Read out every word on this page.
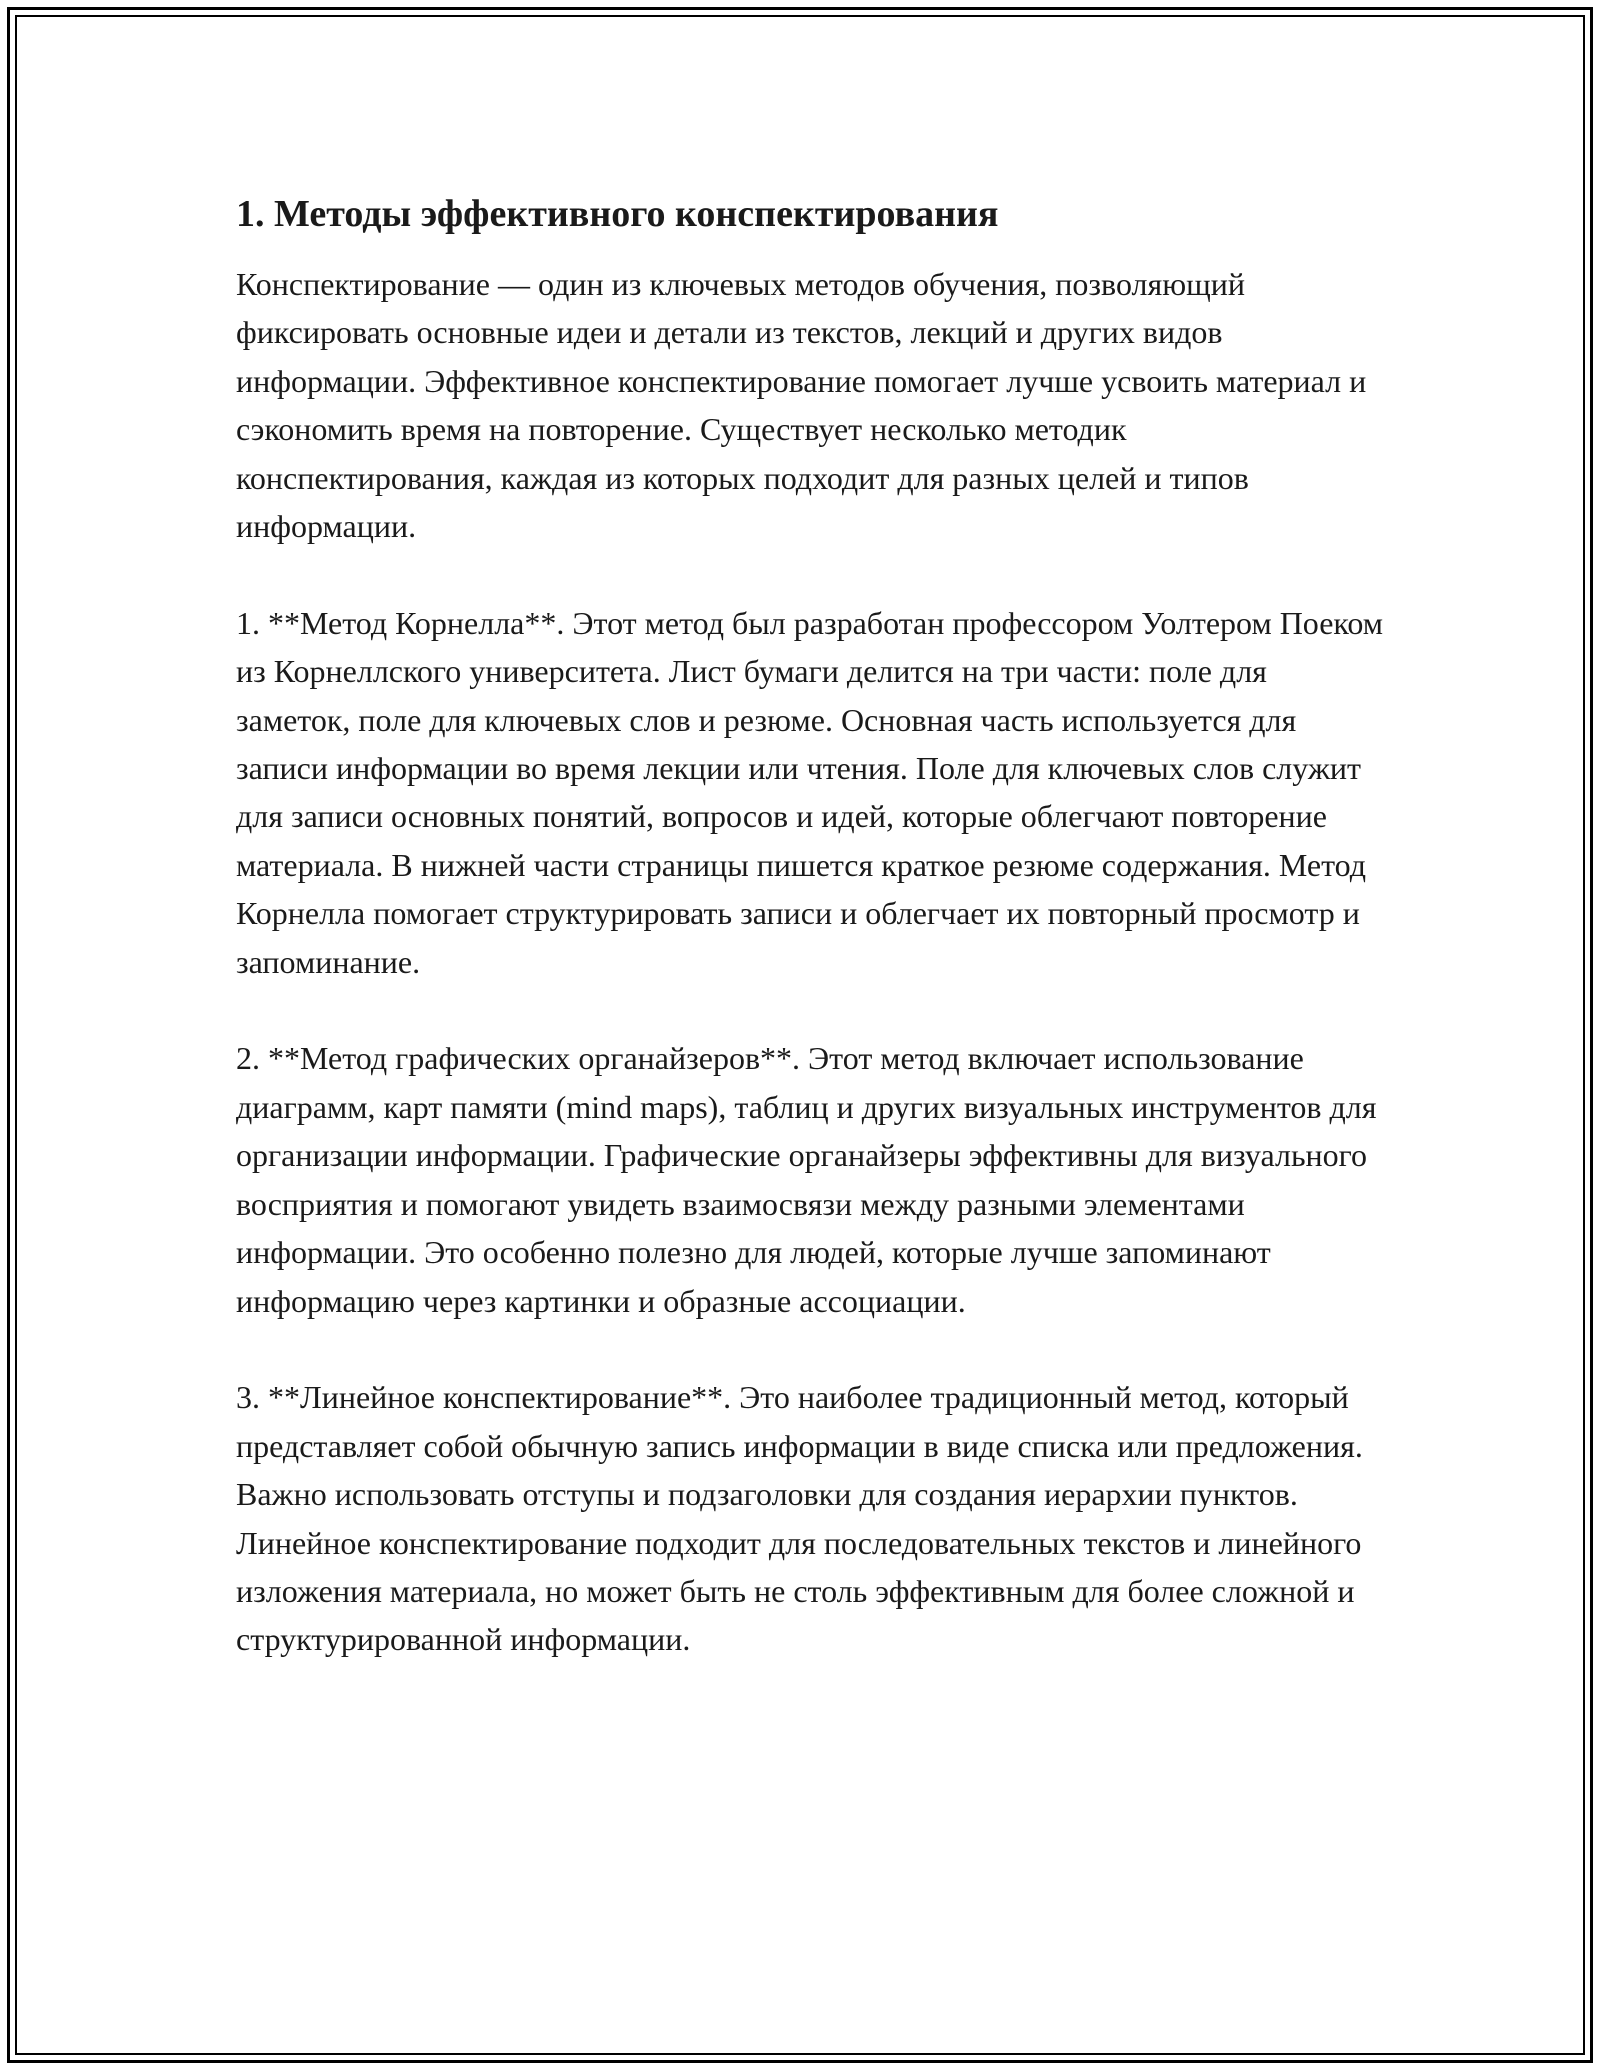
1. Методы эффективного конспектирования

Конспектирование — один из ключевых методов обучения, позволяющий фиксировать основные идеи и детали из текстов, лекций и других видов информации. Эффективное конспектирование помогает лучше усвоить материал и сэкономить время на повторение. Существует несколько методик конспектирования, каждая из которых подходит для разных целей и типов информации.

1. **Метод Корнелла**. Этот метод был разработан профессором Уолтером Поеком из Корнеллского университета. Лист бумаги делится на три части: поле для заметок, поле для ключевых слов и резюме. Основная часть используется для записи информации во время лекции или чтения. Поле для ключевых слов служит для записи основных понятий, вопросов и идей, которые облегчают повторение материала. В нижней части страницы пишется краткое резюме содержания. Метод Корнелла помогает структурировать записи и облегчает их повторный просмотр и запоминание.

2. **Метод графических органайзеров**. Этот метод включает использование диаграмм, карт памяти (mind maps), таблиц и других визуальных инструментов для организации информации. Графические органайзеры эффективны для визуального восприятия и помогают увидеть взаимосвязи между разными элементами информации. Это особенно полезно для людей, которые лучше запоминают информацию через картинки и образные ассоциации.

3. **Линейное конспектирование**. Это наиболее традиционный метод, который представляет собой обычную запись информации в виде списка или предложения. Важно использовать отступы и подзаголовки для создания иерархии пунктов. Линейное конспектирование подходит для последовательных текстов и линейного изложения материала, но может быть не столь эффективным для более сложной и структурированной информации.
